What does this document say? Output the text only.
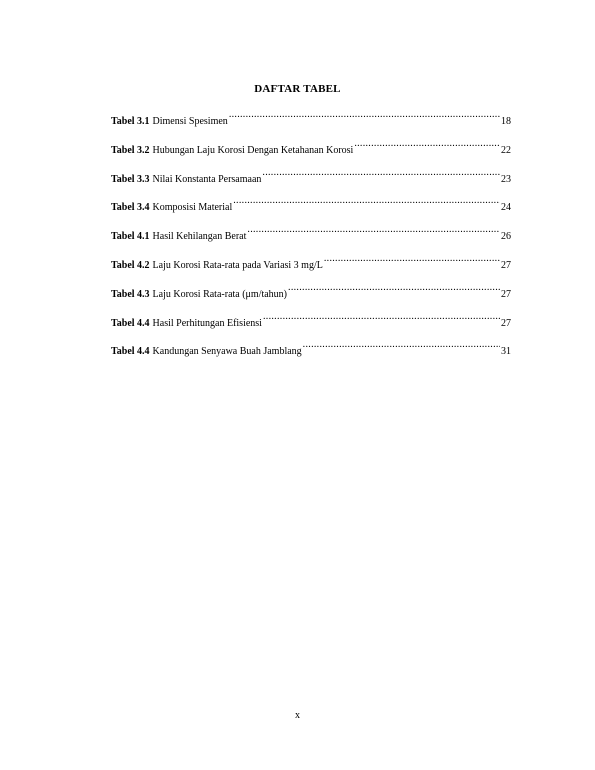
DAFTAR TABEL
Tabel 3.1 Dimensi Spesimen .....	18
Tabel 3.2 Hubungan Laju Korosi Dengan Ketahanan Korosi .....	22
Tabel 3.3 Nilai Konstanta Persamaan .....	23
Tabel 3.4 Komposisi Material .....	24
Tabel 4.1 Hasil Kehilangan Berat .....	26
Tabel 4.2 Laju Korosi Rata-rata pada Variasi 3 mg/L .....	27
Tabel 4.3 Laju Korosi Rata-rata (μm/tahun) .....	27
Tabel 4.4 Hasil Perhitungan Efisiensi .....	27
Tabel 4.4 Kandungan Senyawa Buah Jamblang .....	31
x
